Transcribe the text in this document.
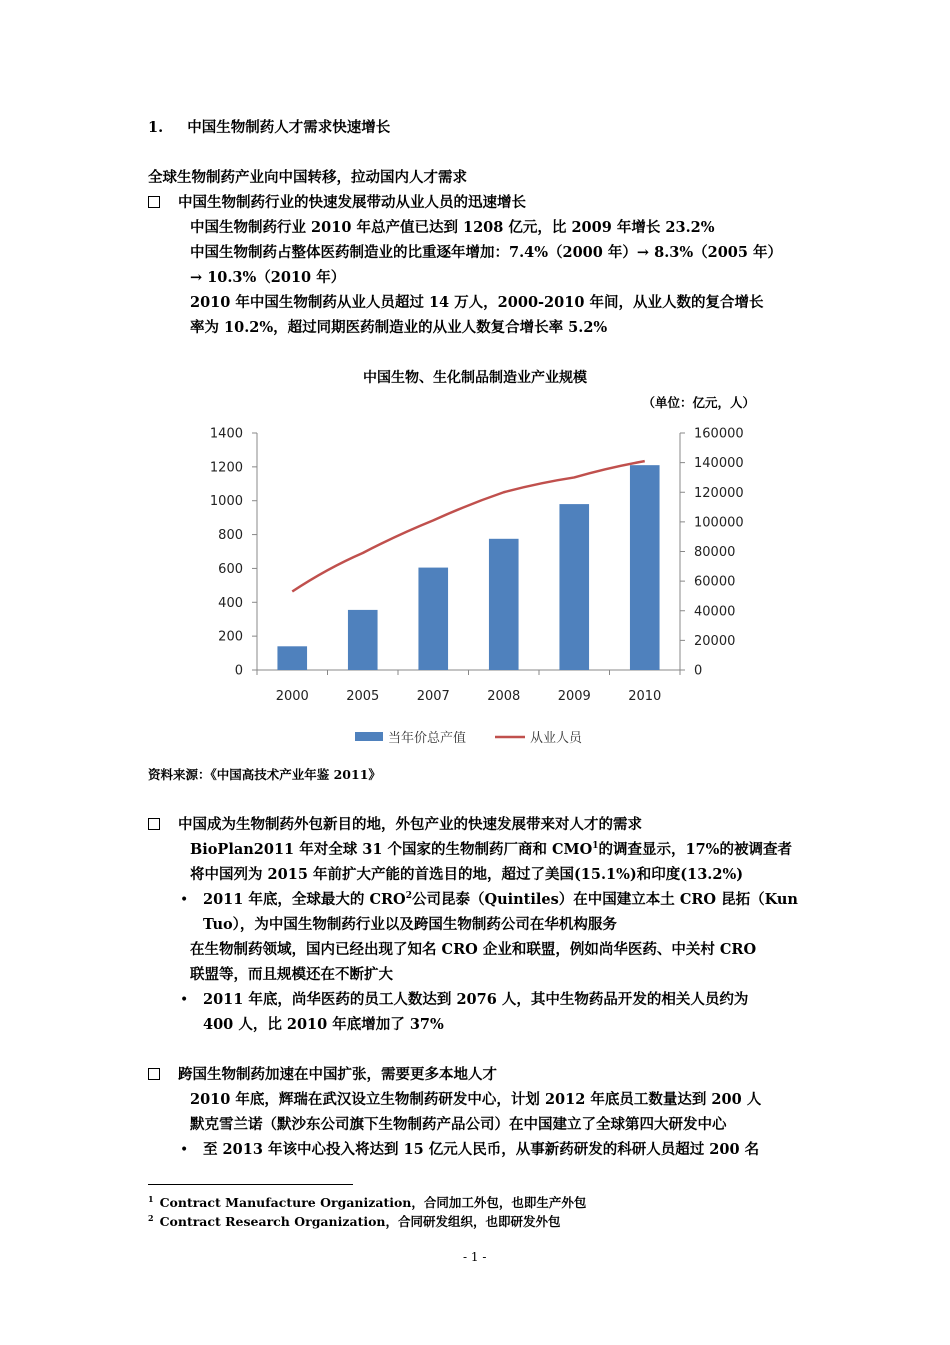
1. 中国生物制药人才需求快速增长
全球生物制药产业向中国转移，拉动国内人才需求
中国生物制药行业的快速发展带动从业人员的迅速增长
中国生物制药行业 2010 年总产值已达到 1208 亿元，比 2009 年增长 23.2%
中国生物制药占整体医药制造业的比重逐年增加：7.4%（2000 年）→ 8.3%（2005 年）
→ 10.3%（2010 年）
2010 年中国生物制药从业人员超过 14 万人，2000-2010 年间，从业人数的复合增长
率为 10.2%，超过同期医药制造业的从业人数复合增长率 5.2%
中国生物、生化制品制造业产业规模
（单位：亿元，人）
0
200
400
600
800
1000
1200
1400
0
20000
40000
60000
80000
100000
120000
140000
160000
2000	2005	2007	2008	2009	2010
当年价总产值	从业人员
资料来源：《中国高技术产业年鉴 2011》
中国成为生物制药外包新目的地，外包产业的快速发展带来对人才的需求
BioPlan2011 年对全球 31 个国家的生物制药厂商和 CMO$^1$的调查显示，17%的被调查者
将中国列为 2015 年前扩大产能的首选目的地，超过了美国(15.1%)和印度(13.2%)
• 2011 年底，全球最大的 CRO$^2$公司昆泰（Quintiles）在中国建立本土 CRO 昆拓（Kun
Tuo），为中国生物制药行业以及跨国生物制药公司在华机构服务
在生物制药领域，国内已经出现了知名 CRO 企业和联盟，例如尚华医药、中关村 CRO
联盟等，而且规模还在不断扩大
• 2011 年底，尚华医药的员工人数达到 2076 人，其中生物药品开发的相关人员约为
400 人，比 2010 年底增加了 37%
跨国生物制药加速在中国扩张，需要更多本地人才
2010 年底，辉瑞在武汉设立生物制药研发中心，计划 2012 年底员工数量达到 200 人
默克雪兰诺（默沙东公司旗下生物制药产品公司）在中国建立了全球第四大研发中心
• 至 2013 年该中心投入将达到 15 亿元人民币，从事新药研发的科研人员超过 200 名
$^1$ Contract Manufacture Organization，合同加工外包，也即生产外包
$^2$ Contract Research Organization，合同研发组织，也即研发外包
- 1 -
